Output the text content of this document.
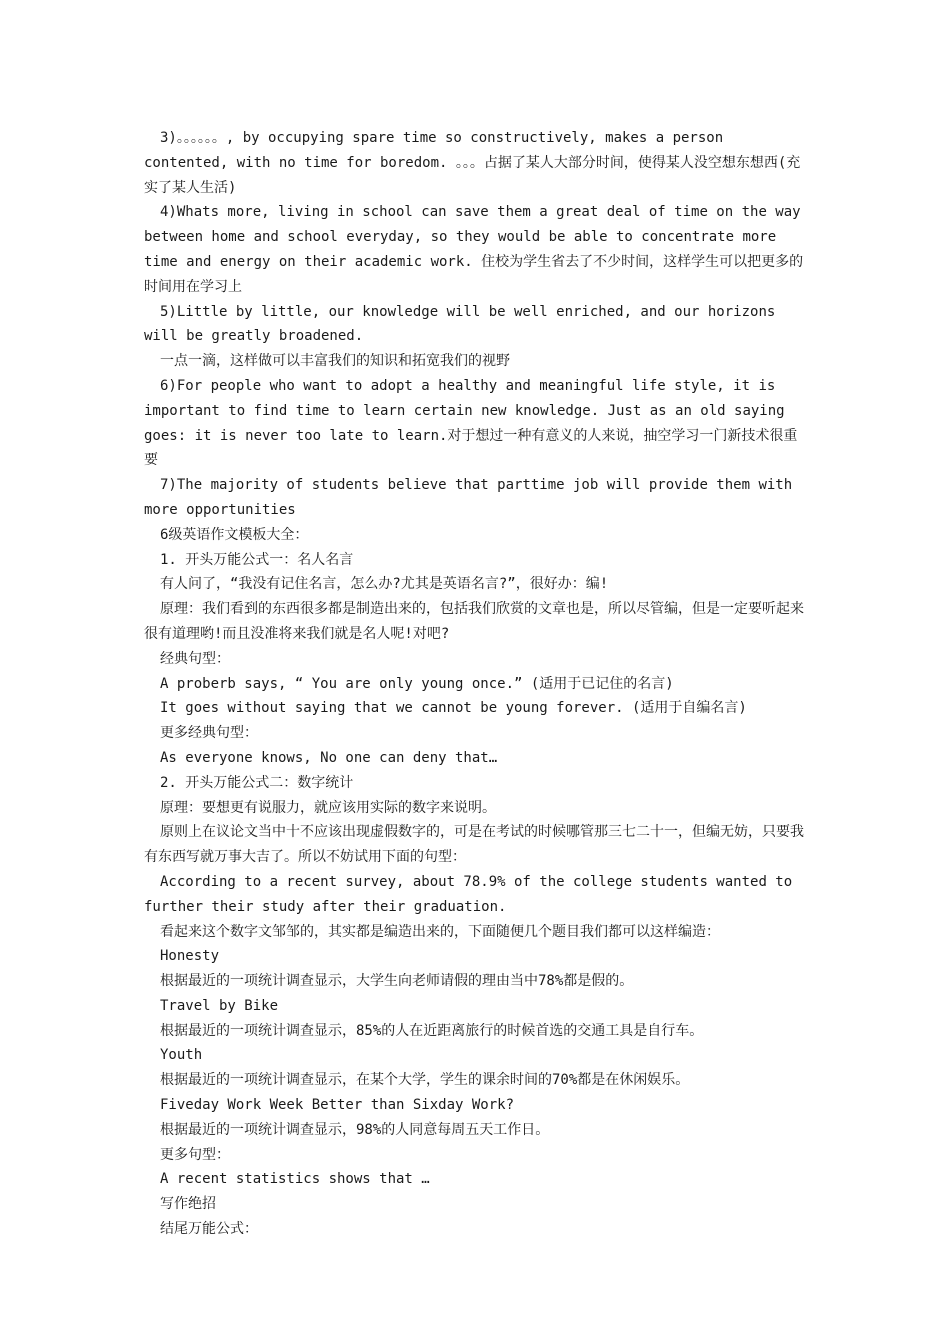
3)。。。。。。, by occupying spare time so constructively, makes a person contented, with no time for boredom. 。。。占据了某人大部分时间，使得某人没空想东想西(充实了某人生活)

4)Whats more, living in school can save them a great deal of time on the way between home and school everyday, so they would be able to concentrate more time and energy on their academic work. 住校为学生省去了不少时间，这样学生可以把更多的时间用在学习上

5)Little by little, our knowledge will be well enriched, and our horizons will be greatly broadened.

一点一滴，这样做可以丰富我们的知识和拓宽我们的视野

6)For people who want to adopt a healthy and meaningful life style, it is important to find time to learn certain new knowledge. Just as an old saying goes: it is never too late to learn.对于想过一种有意义的人来说，抽空学习一门新技术很重要

7)The majority of students believe that parttime job will provide them with more opportunities

6级英语作文模板大全：

1. 开头万能公式一：名人名言

有人问了，“我没有记住名言，怎么办?尤其是英语名言?”，很好办：编!

原理：我们看到的东西很多都是制造出来的，包括我们欣赏的文章也是，所以尽管编，但是一定要听起来很有道理哟!而且没准将来我们就是名人呢!对吧?

经典句型：

A proberb says, “ You are only young once.” (适用于已记住的名言)

It goes without saying that we cannot be young forever. (适用于自编名言)

更多经典句型：

As everyone knows, No one can deny that…

2. 开头万能公式二：数字统计

原理：要想更有说服力，就应该用实际的数字来说明。

原则上在议论文当中十不应该出现虚假数字的，可是在考试的时候哪管那三七二十一，但编无妨，只要我有东西写就万事大吉了。所以不妨试用下面的句型：

According to a recent survey, about 78.9% of the college students wanted to further their study after their graduation.

看起来这个数字文邹邹的，其实都是编造出来的，下面随便几个题目我们都可以这样编造：

Honesty

根据最近的一项统计调查显示，大学生向老师请假的理由当中78%都是假的。

Travel by Bike

根据最近的一项统计调查显示，85%的人在近距离旅行的时候首选的交通工具是自行车。

Youth

根据最近的一项统计调查显示，在某个大学，学生的课余时间的70%都是在休闲娱乐。

Fiveday Work Week Better than Sixday Work?

根据最近的一项统计调查显示，98%的人同意每周五天工作日。

更多句型：

A recent statistics shows that …

写作绝招

结尾万能公式：
